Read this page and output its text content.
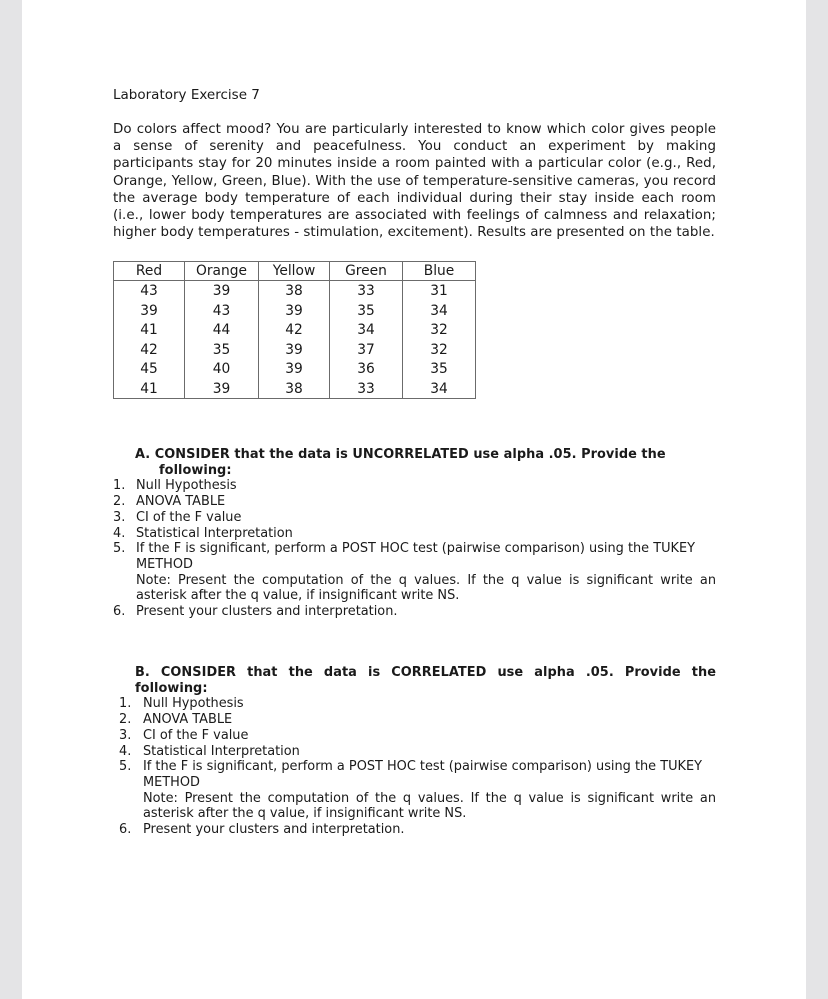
Laboratory Exercise 7

Do colors affect mood? You are particularly interested to know which color gives people a sense of serenity and peacefulness. You conduct an experiment by making participants stay for 20 minutes inside a room painted with a particular color (e.g., Red, Orange, Yellow, Green, Blue). With the use of temperature-sensitive cameras, you record the average body temperature of each individual during their stay inside each room (i.e., lower body temperatures are associated with feelings of calmness and relaxation; higher body temperatures - stimulation, excitement). Results are presented on the table.

Red	Orange	Yellow	Green	Blue
43	39	38	33	31
39	43	39	35	34
41	44	42	34	32
42	35	39	37	32
45	40	39	36	35
41	39	38	33	34
A. CONSIDER that the data is UNCORRELATED use alpha .05. Provide the
following:
1. Null Hypothesis
2. ANOVA TABLE
3. CI of the F value
4. Statistical Interpretation
5. If the F is significant, perform a POST HOC test (pairwise comparison) using the TUKEY METHOD
Note: Present the computation of the q values. If the q value is significant write an asterisk after the q value, if insignificant write NS.
6. Present your clusters and interpretation.
B. CONSIDER that the data is CORRELATED use alpha .05. Provide the following:
1. Null Hypothesis
2. ANOVA TABLE
3. CI of the F value
4. Statistical Interpretation
5. If the F is significant, perform a POST HOC test (pairwise comparison) using the TUKEY METHOD
Note: Present the computation of the q values. If the q value is significant write an asterisk after the q value, if insignificant write NS.
6. Present your clusters and interpretation.
